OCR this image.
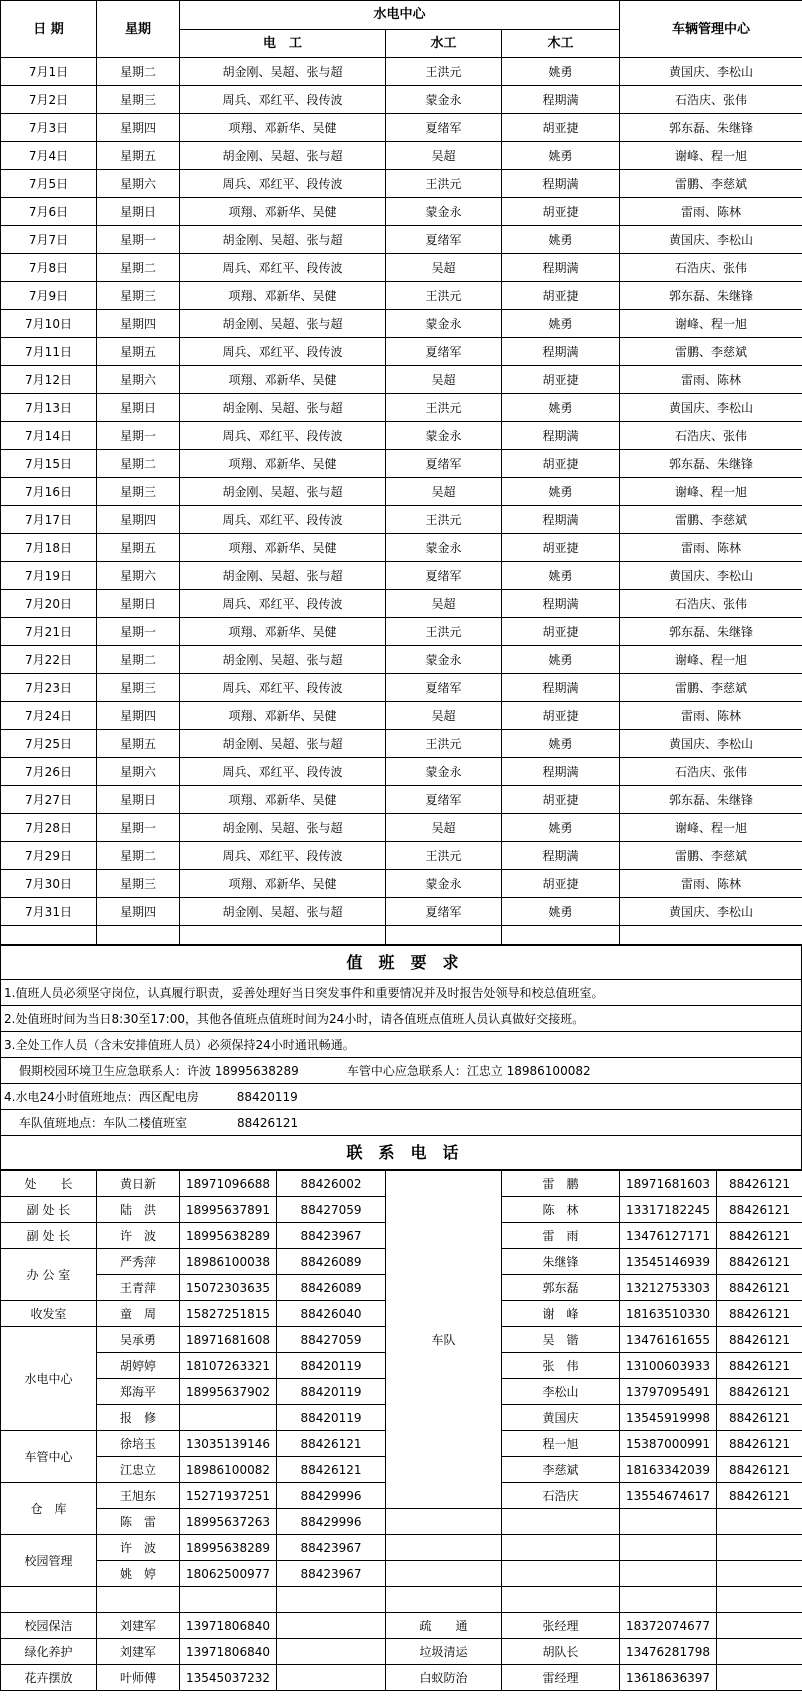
日 期	星期	水电中心			车辆管理中心
		电　工	水工	木工	
7月1日	星期二	胡金刚、吴超、张与超	王洪元	姚勇	黄国庆、李松山
7月2日	星期三	周兵、邓红平、段传波	蒙金永	程期满	石浩庆、张伟
7月3日	星期四	项翔、邓新华、吴健	夏绪军	胡亚捷	郭东磊、朱继锋
7月4日	星期五	胡金刚、吴超、张与超	吴超	姚勇	谢峰、程一旭
7月5日	星期六	周兵、邓红平、段传波	王洪元	程期满	雷鹏、李慈斌
7月6日	星期日	项翔、邓新华、吴健	蒙金永	胡亚捷	雷雨、陈林
7月7日	星期一	胡金刚、吴超、张与超	夏绪军	姚勇	黄国庆、李松山
7月8日	星期二	周兵、邓红平、段传波	吴超	程期满	石浩庆、张伟
7月9日	星期三	项翔、邓新华、吴健	王洪元	胡亚捷	郭东磊、朱继锋
7月10日	星期四	胡金刚、吴超、张与超	蒙金永	姚勇	谢峰、程一旭
7月11日	星期五	周兵、邓红平、段传波	夏绪军	程期满	雷鹏、李慈斌
7月12日	星期六	项翔、邓新华、吴健	吴超	胡亚捷	雷雨、陈林
7月13日	星期日	胡金刚、吴超、张与超	王洪元	姚勇	黄国庆、李松山
7月14日	星期一	周兵、邓红平、段传波	蒙金永	程期满	石浩庆、张伟
7月15日	星期二	项翔、邓新华、吴健	夏绪军	胡亚捷	郭东磊、朱继锋
7月16日	星期三	胡金刚、吴超、张与超	吴超	姚勇	谢峰、程一旭
7月17日	星期四	周兵、邓红平、段传波	王洪元	程期满	雷鹏、李慈斌
7月18日	星期五	项翔、邓新华、吴健	蒙金永	胡亚捷	雷雨、陈林
7月19日	星期六	胡金刚、吴超、张与超	夏绪军	姚勇	黄国庆、李松山
7月20日	星期日	周兵、邓红平、段传波	吴超	程期满	石浩庆、张伟
7月21日	星期一	项翔、邓新华、吴健	王洪元	胡亚捷	郭东磊、朱继锋
7月22日	星期二	胡金刚、吴超、张与超	蒙金永	姚勇	谢峰、程一旭
7月23日	星期三	周兵、邓红平、段传波	夏绪军	程期满	雷鹏、李慈斌
7月24日	星期四	项翔、邓新华、吴健	吴超	胡亚捷	雷雨、陈林
7月25日	星期五	胡金刚、吴超、张与超	王洪元	姚勇	黄国庆、李松山
7月26日	星期六	周兵、邓红平、段传波	蒙金永	程期满	石浩庆、张伟
7月27日	星期日	项翔、邓新华、吴健	夏绪军	胡亚捷	郭东磊、朱继锋
7月28日	星期一	胡金刚、吴超、张与超	吴超	姚勇	谢峰、程一旭
7月29日	星期二	周兵、邓红平、段传波	王洪元	程期满	雷鹏、李慈斌
7月30日	星期三	项翔、邓新华、吴健	蒙金永	胡亚捷	雷雨、陈林
7月31日	星期四	胡金刚、吴超、张与超	夏绪军	姚勇	黄国庆、李松山

值　班　要　求
1.值班人员必须坚守岗位，认真履行职责，妥善处理好当日突发事件和重要情况并及时报告处领导和校总值班室。
2.处值班时间为当日8:30至17:00，其他各值班点值班时间为24小时，请各值班点值班人员认真做好交接班。
3.全处工作人员（含未安排值班人员）必须保持24小时通讯畅通。
假期校园环境卫生应急联系人：许波 18995638289	车管中心应急联系人：江忠立 18986100082
4.水电24小时值班地点：西区配电房	88420119
车队值班地点：车队二楼值班室	88426121
联　系　电　话
处　　长	黄日新	18971096688	88426002	车队	雷　鹏	18971681603	88426121
副 处 长	陆　洪	18995637891	88427059		陈　林	13317182245	88426121
副 处 长	许　波	18995638289	88423967		雷　雨	13476127171	88426121
办 公 室	严秀萍	18986100038	88426089		朱继锋	13545146939	88426121
	王青萍	15072303635	88426089		郭东磊	13212753303	88426121
收发室	童　周	15827251815	88426040		谢　峰	18163510330	88426121
水电中心	吴承勇	18971681608	88427059		吴　锴	13476161655	88426121
	胡婷婷	18107263321	88420119		张　伟	13100603933	88426121
	郑海平	18995637902	88420119		李松山	13797095491	88426121
	报　修		88420119		黄国庆	13545919998	88426121
车管中心	徐培玉	13035139146	88426121		程一旭	15387000991	88426121
	江忠立	18986100082	88426121		李慈斌	18163342039	88426121
仓　库	王旭东	15271937251	88429996		石浩庆	13554674617	88426121
	陈　雷	18995637263	88429996				
校园管理	许　波	18995638289	88423967				
	姚　婷	18062500977	88423967				

校园保洁	刘建军	13971806840		疏　　通	张经理	18372074677	
绿化养护	刘建军	13971806840		垃圾清运	胡队长	13476281798	
花卉摆放	叶师傅	13545037232		白蚁防治	雷经理	13618636397	
